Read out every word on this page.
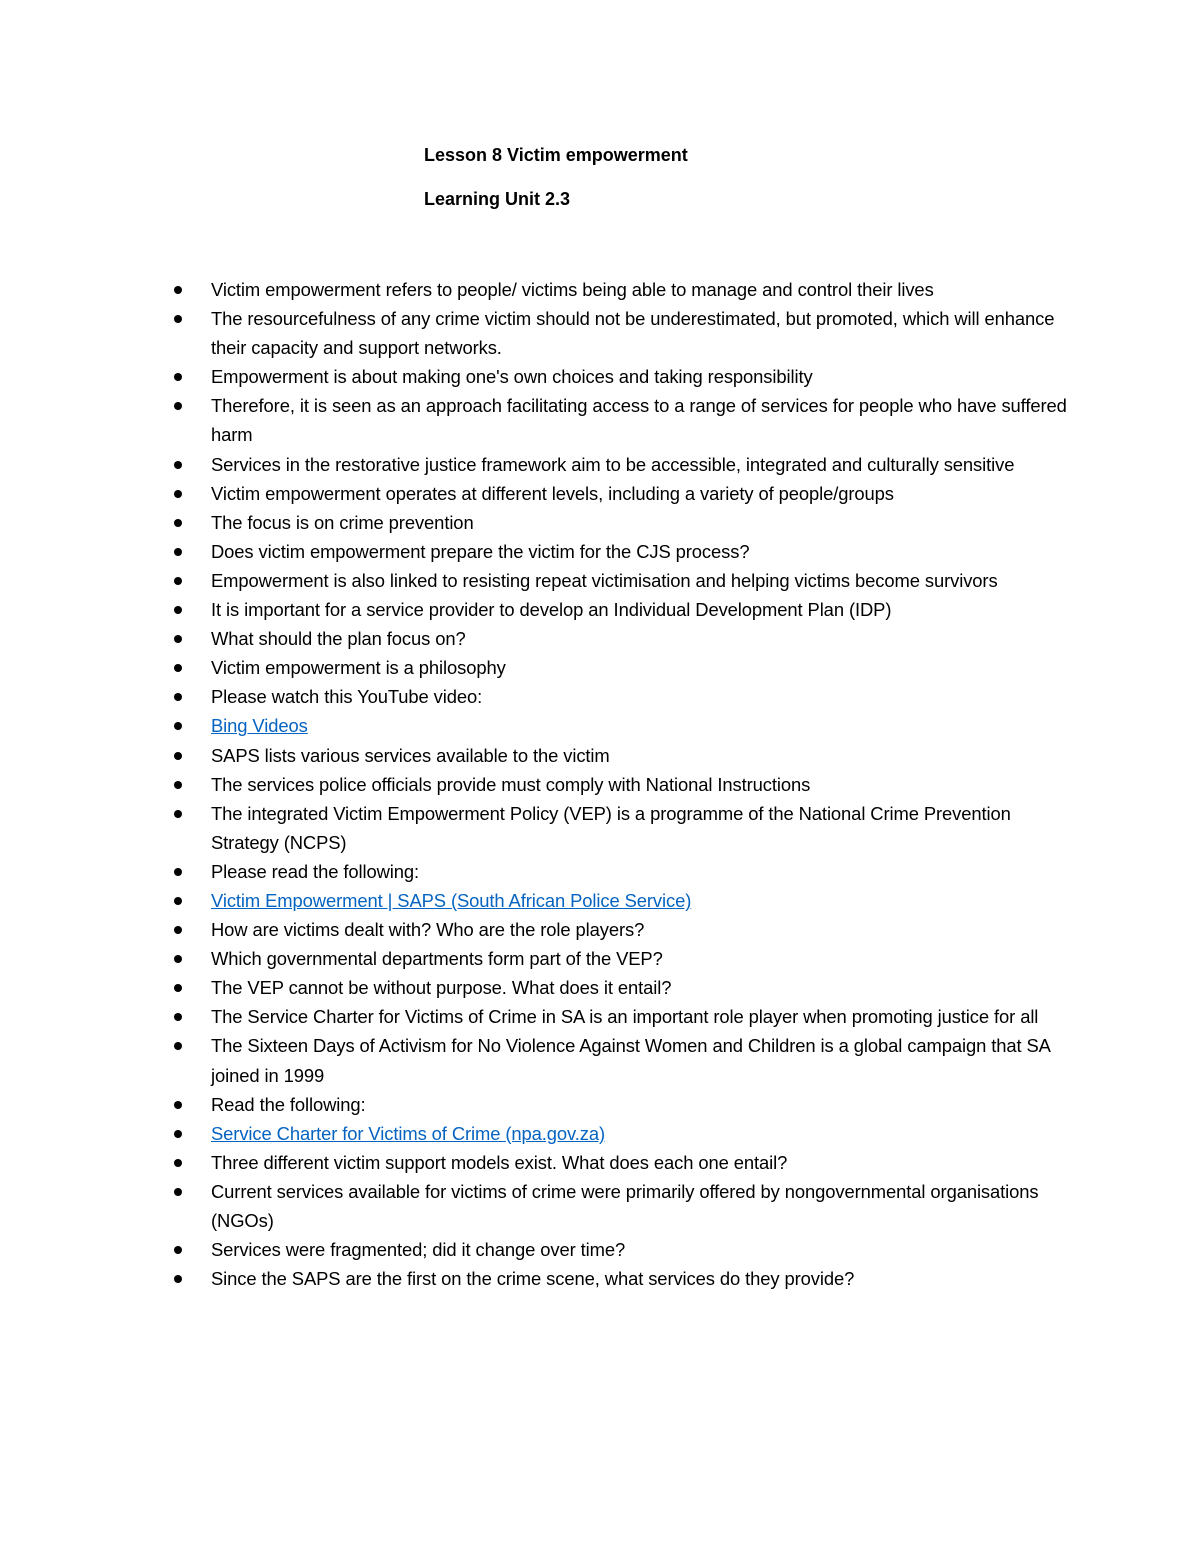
Lesson 8 Victim empowerment
Learning Unit 2.3
Victim empowerment refers to people/ victims being able to manage and control their lives
The resourcefulness of any crime victim should not be underestimated, but promoted, which will enhance their capacity and support networks.
Empowerment is about making one's own choices and taking responsibility
Therefore, it is seen as an approach facilitating access to a range of services for people who have suffered harm
Services in the restorative justice framework aim to be accessible, integrated and culturally sensitive
Victim empowerment operates at different levels, including a variety of people/groups
The focus is on crime prevention
Does victim empowerment prepare the victim for the CJS process?
Empowerment is also linked to resisting repeat victimisation and helping victims become survivors
It is important for a service provider to develop an Individual Development Plan (IDP)
What should the plan focus on?
Victim empowerment is a philosophy
Please watch this YouTube video:
Bing Videos
SAPS lists various services available to the victim
The services police officials provide must comply with National Instructions
The integrated Victim Empowerment Policy (VEP) is a programme of the National Crime Prevention Strategy (NCPS)
Please read the following:
Victim Empowerment | SAPS (South African Police Service)
How are victims dealt with? Who are the role players?
Which governmental departments form part of the VEP?
The VEP cannot be without purpose. What does it entail?
The Service Charter for Victims of Crime in SA is an important role player when promoting justice for all
The Sixteen Days of Activism for No Violence Against Women and Children is a global campaign that SA joined in 1999
Read the following:
Service Charter for Victims of Crime (npa.gov.za)
Three different victim support models exist. What does each one entail?
Current services available for victims of crime were primarily offered by nongovernmental organisations (NGOs)
Services were fragmented; did it change over time?
Since the SAPS are the first on the crime scene, what services do they provide?
